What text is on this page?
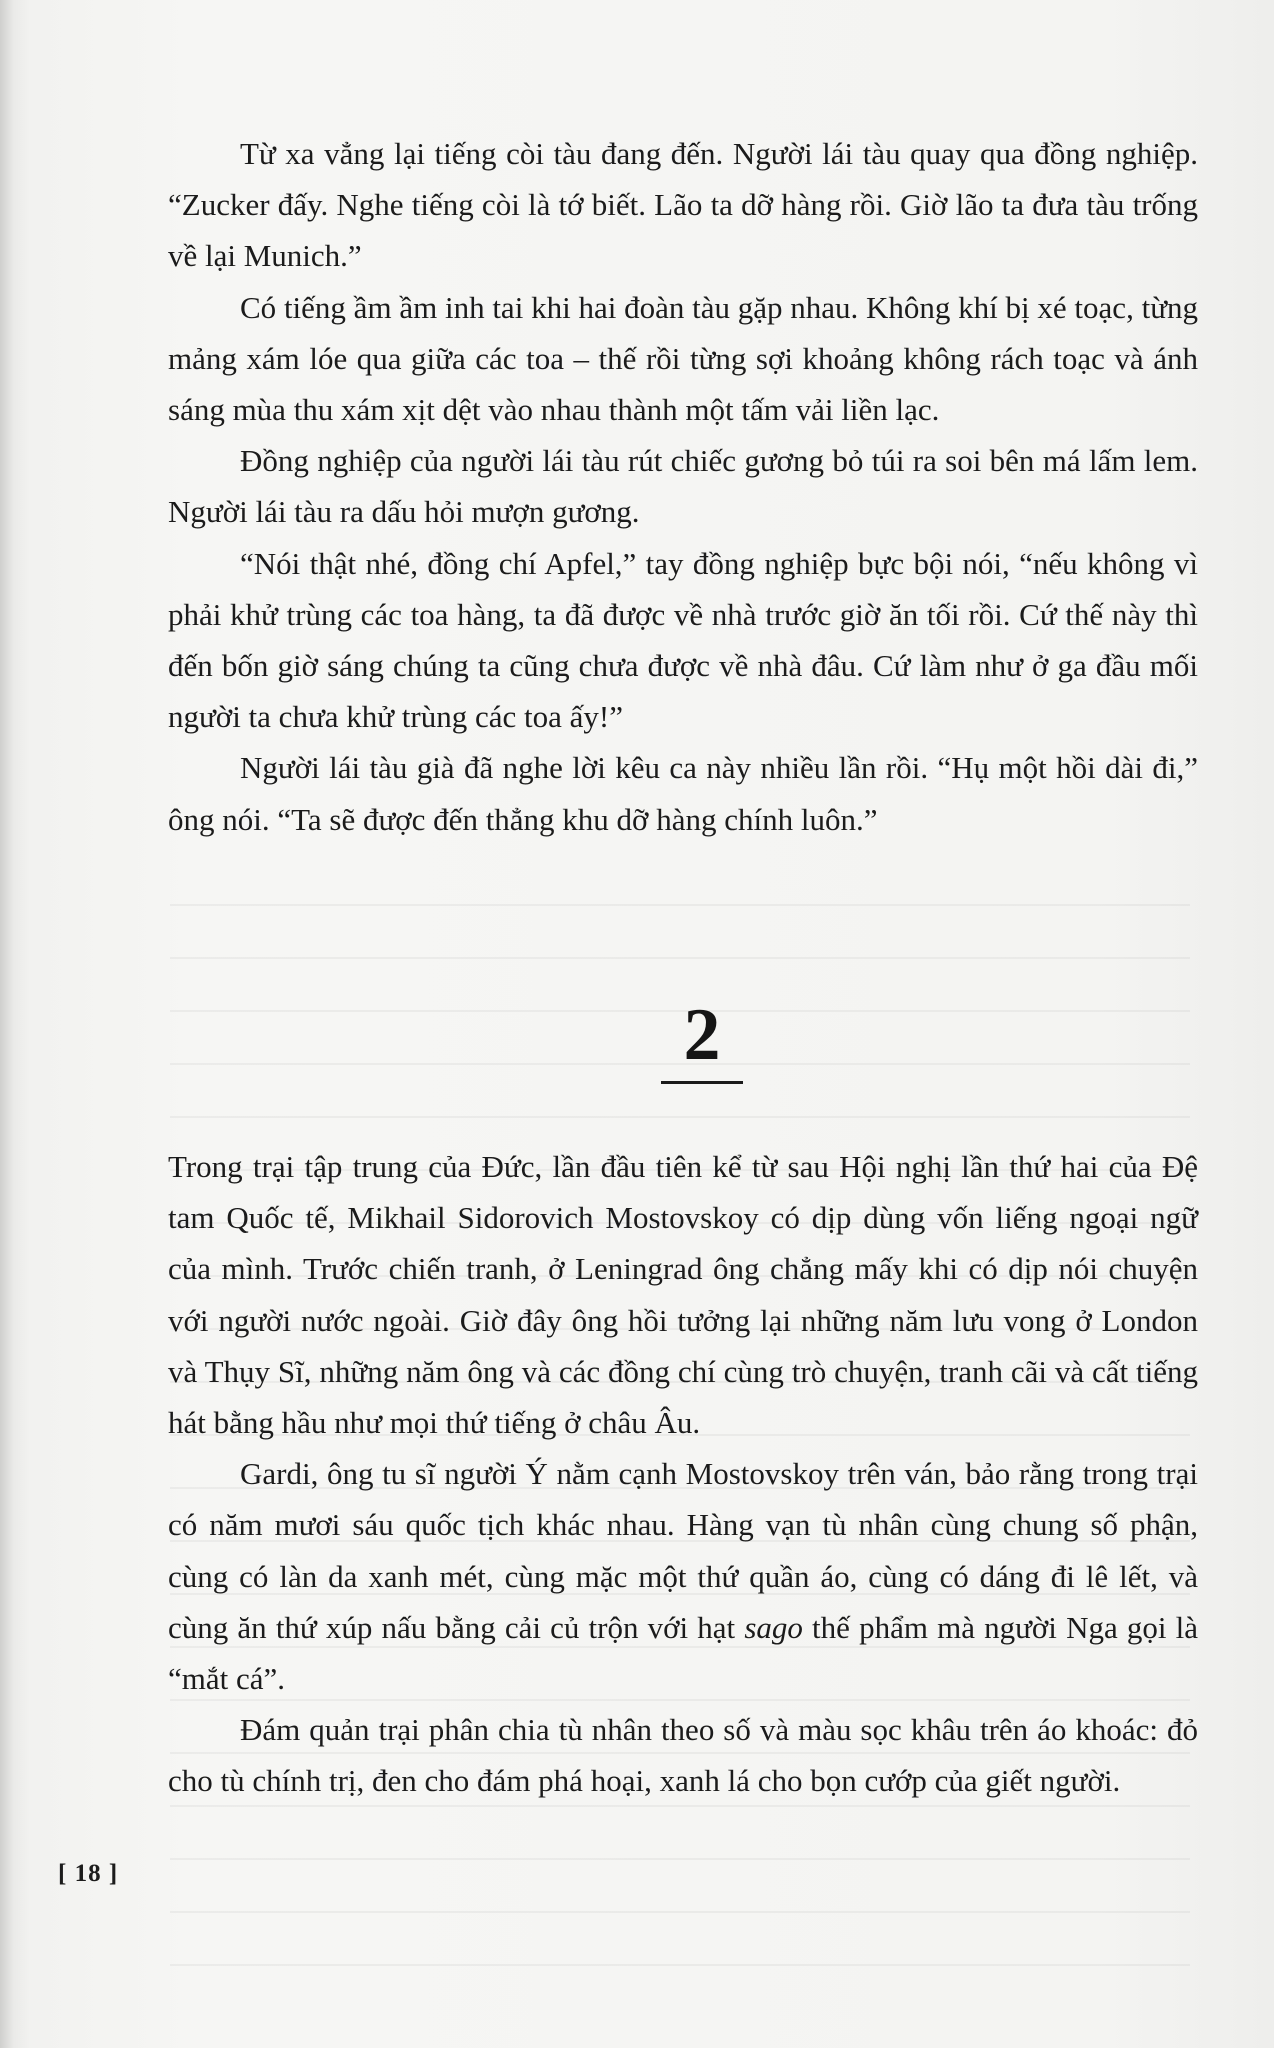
Từ xa vẳng lại tiếng còi tàu đang đến. Người lái tàu quay qua đồng nghiệp. “Zucker đấy. Nghe tiếng còi là tớ biết. Lão ta dỡ hàng rồi. Giờ lão ta đưa tàu trống về lại Munich.”

Có tiếng ầm ầm inh tai khi hai đoàn tàu gặp nhau. Không khí bị xé toạc, từng mảng xám lóe qua giữa các toa – thế rồi từng sợi khoảng không rách toạc và ánh sáng mùa thu xám xịt dệt vào nhau thành một tấm vải liền lạc.

Đồng nghiệp của người lái tàu rút chiếc gương bỏ túi ra soi bên má lấm lem. Người lái tàu ra dấu hỏi mượn gương.

“Nói thật nhé, đồng chí Apfel,” tay đồng nghiệp bực bội nói, “nếu không vì phải khử trùng các toa hàng, ta đã được về nhà trước giờ ăn tối rồi. Cứ thế này thì đến bốn giờ sáng chúng ta cũng chưa được về nhà đâu. Cứ làm như ở ga đầu mối người ta chưa khử trùng các toa ấy!”

Người lái tàu già đã nghe lời kêu ca này nhiều lần rồi. “Hụ một hồi dài đi,” ông nói. “Ta sẽ được đến thẳng khu dỡ hàng chính luôn.”

2

Trong trại tập trung của Đức, lần đầu tiên kể từ sau Hội nghị lần thứ hai của Đệ tam Quốc tế, Mikhail Sidorovich Mostovskoy có dịp dùng vốn liếng ngoại ngữ của mình. Trước chiến tranh, ở Leningrad ông chẳng mấy khi có dịp nói chuyện với người nước ngoài. Giờ đây ông hồi tưởng lại những năm lưu vong ở London và Thụy Sĩ, những năm ông và các đồng chí cùng trò chuyện, tranh cãi và cất tiếng hát bằng hầu như mọi thứ tiếng ở châu Âu.

Gardi, ông tu sĩ người Ý nằm cạnh Mostovskoy trên ván, bảo rằng trong trại có năm mươi sáu quốc tịch khác nhau. Hàng vạn tù nhân cùng chung số phận, cùng có làn da xanh mét, cùng mặc một thứ quần áo, cùng có dáng đi lê lết, và cùng ăn thứ xúp nấu bằng cải củ trộn với hạt sago thế phẩm mà người Nga gọi là “mắt cá”.

Đám quản trại phân chia tù nhân theo số và màu sọc khâu trên áo khoác: đỏ cho tù chính trị, đen cho đám phá hoại, xanh lá cho bọn cướp của giết người.

[ 18 ]
